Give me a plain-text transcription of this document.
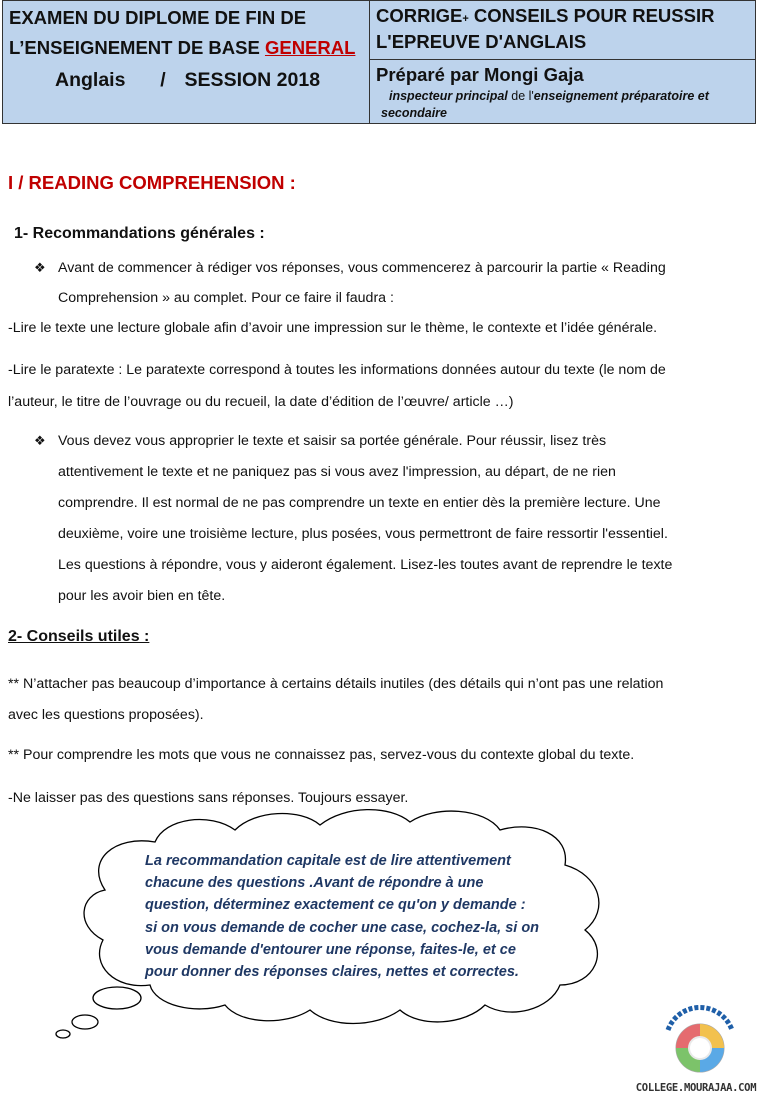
EXAMEN DU DIPLOME DE FIN DE
L’ENSEIGNEMENT DE BASE GENERAL
Anglais / SESSION 2018
CORRIGE+ CONSEILS POUR REUSSIR
L'EPREUVE D'ANGLAIS
Préparé par Mongi Gaja
inspecteur principal de l'enseignement préparatoire et secondaire
I / READING COMPREHENSION :
1- Recommandations générales :
❖ Avant de commencer à rédiger vos réponses, vous commencerez à parcourir la partie « Reading
Comprehension » au complet. Pour ce faire il faudra :
-Lire le texte une lecture globale afin d’avoir une impression sur le thème, le contexte et l’idée générale.
-Lire le paratexte : Le paratexte correspond à toutes les informations données autour du texte (le nom de
l’auteur, le titre de l’ouvrage ou du recueil, la date d’édition de l’œuvre/ article …)
❖ Vous devez vous approprier le texte et saisir sa portée générale. Pour réussir, lisez très
attentivement le texte et ne paniquez pas si vous avez l'impression, au départ, de ne rien
comprendre. Il est normal de ne pas comprendre un texte en entier dès la première lecture. Une
deuxième, voire une troisième lecture, plus posées, vous permettront de faire ressortir l'essentiel.
Les questions à répondre, vous y aideront également. Lisez-les toutes avant de reprendre le texte
pour les avoir bien en tête.
2- Conseils utiles :
** N’attacher pas beaucoup d’importance à certains détails inutiles (des détails qui n’ont pas une relation
avec les questions proposées).
** Pour comprendre les mots que vous ne connaissez pas, servez-vous du contexte global du texte.
-Ne laisser pas des questions sans réponses. Toujours essayer.
La recommandation capitale est de lire attentivement
chacune des questions .Avant de répondre à une
question, déterminez exactement ce qu'on y demande :
si on vous demande de cocher une case, cochez-la, si on
vous demande d'entourer une réponse, faites-le, et ce
pour donner des réponses claires, nettes et correctes.
COLLEGE.MOURAJAA.COM
